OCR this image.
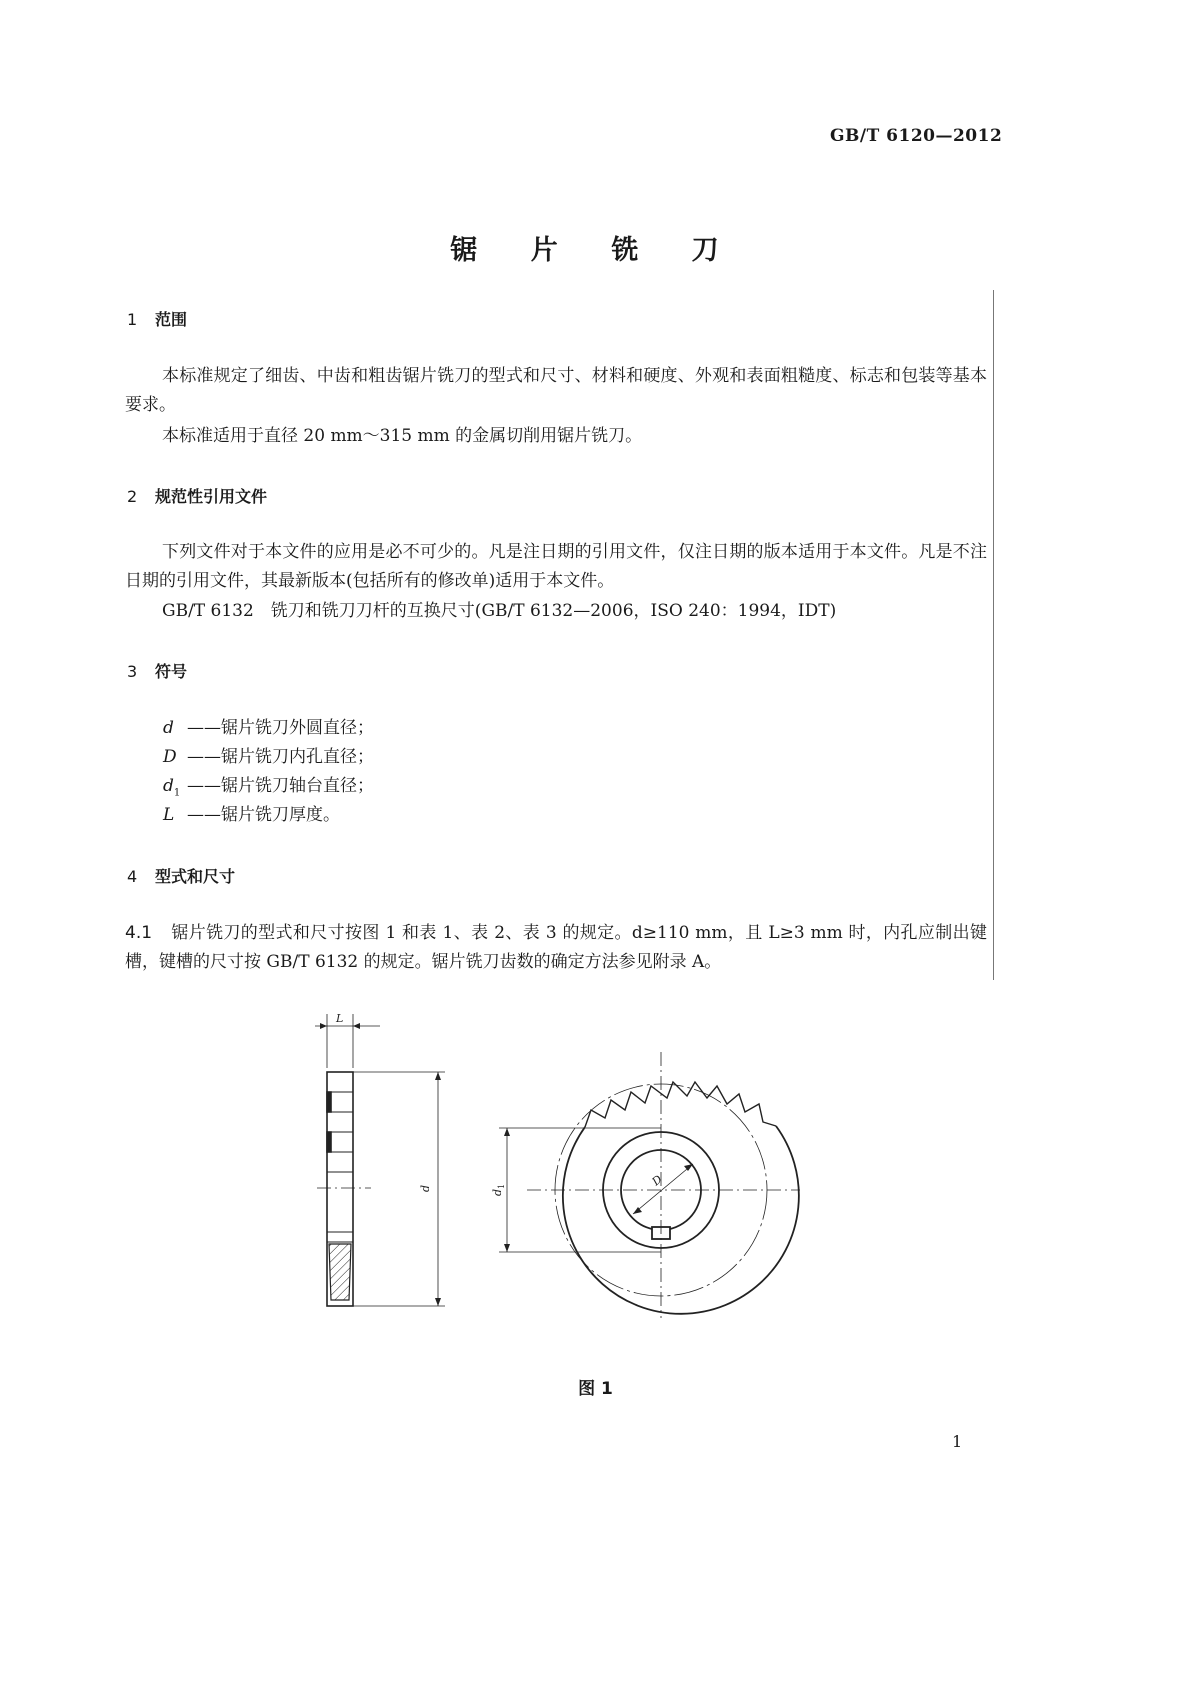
GB/T 6120—2012
锯 片 铣 刀
1 范围
本标准规定了细齿、中齿和粗齿锯片铣刀的型式和尺寸、材料和硬度、外观和表面粗糙度、标志和包装等基本要求。
本标准适用于直径 20 mm～315 mm 的金属切削用锯片铣刀。
2 规范性引用文件
下列文件对于本文件的应用是必不可少的。凡是注日期的引用文件，仅注日期的版本适用于本文件。凡是不注日期的引用文件，其最新版本(包括所有的修改单)适用于本文件。
GB/T 6132　铣刀和铣刀刀杆的互换尺寸(GB/T 6132—2006，ISO 240：1994，IDT)
3 符号
d ——锯片铣刀外圆直径；
D ——锯片铣刀内孔直径；
$d_1$ ——锯片铣刀轴台直径；
L ——锯片铣刀厚度。
4 型式和尺寸
4.1 锯片铣刀的型式和尺寸按图 1 和表 1、表 2、表 3 的规定。d≥110 mm，且 L≥3 mm 时，内孔应制出键槽，键槽的尺寸按 GB/T 6132 的规定。锯片铣刀齿数的确定方法参见附录 A。
L
d
$d_1$	D
图 1
1
